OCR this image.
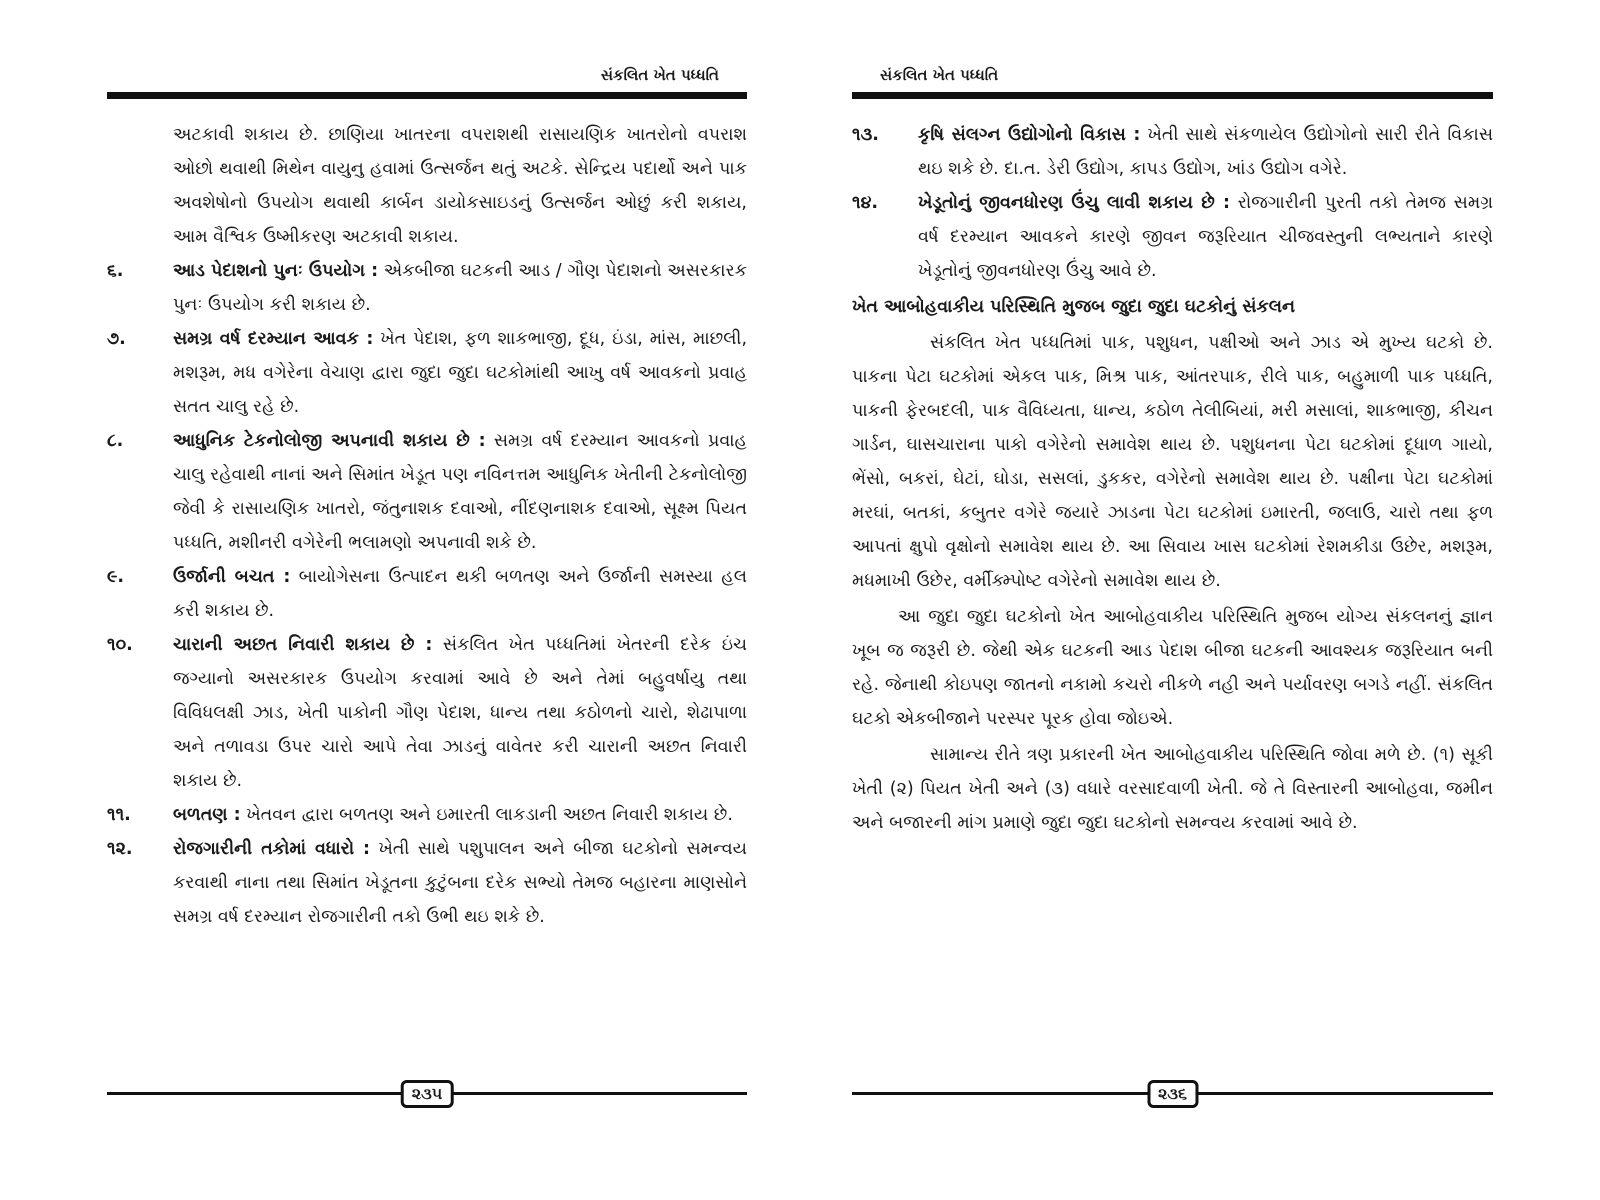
સંકલિત ખેત પધ્ધતિ
અટકાવી શકાય છે. છાણિયા ખાતરના વપરાશથી રાસાયણિક ખાતરોનો વપરાશ ઓછો થવાથી મિથેન વાયુનુ હવામાં ઉત્સર્જન થતું અટકે. સેન્દ્રિય પદાર્થો અને પાક અવશેષોનો ઉપયોગ થવાથી કાર્બન ડાયોકસાઇડનું ઉત્સર્જન ઓછું કરી શકાય, આમ વૈશ્વિક ઉષ્મીકરણ અટકાવી શકાય.
૬.	આડ પેદાશનો પુનઃ ઉપયોગ : એકબીજા ઘટકની આડ / ગૌણ પેદાશનો અસરકારક પુનઃ ઉપયોગ કરી શકાય છે.
૭.	સમગ્ર વર્ષ દરમ્યાન આવક : ખેત પેદાશ, ફળ શાકભાજી, દૂધ, ઇંડા, માંસ, માછલી, મશરૂમ, મધ વગેરેના વેચાણ દ્વારા જુદા જુદા ઘટકોમાંથી આખુ વર્ષ આવકનો પ્રવાહ સતત ચાલુ રહે છે.
૮.	આધુનિક ટેકનોલોજી અપનાવી શકાય છે : સમગ્ર વર્ષ દરમ્યાન આવકનો પ્રવાહ ચાલુ રહેવાથી નાનાં અને સિમાંત ખેડૂત પણ નવિનત્તમ આધુનિક ખેતીની ટેકનોલોજી જેવી કે રાસાયણિક ખાતરો, જંતુનાશક દવાઓ, નીંદણનાશક દવાઓ, સૂક્ષ્મ પિયત પધ્ધતિ, મશીનરી વગેરેની ભલામણો અપનાવી શકે છે.
૯.	ઉર્જાની બચત : બાયોગેસના ઉત્પાદન થકી બળતણ અને ઉર્જાની સમસ્યા હલ કરી શકાય છે.
૧૦.	ચારાની અછત નિવારી શકાય છે : સંકલિત ખેત પધ્ધતિમાં ખેતરની દરેક ઇંચ જગ્યાનો અસરકારક ઉપયોગ કરવામાં આવે છે અને તેમાં બહુવર્ષાયુ તથા વિવિધલક્ષી ઝાડ, ખેતી પાકોની ગૌણ પેદાશ, ધાન્ય તથા કઠોળનો ચારો, શેઢાપાળા અને તળાવડા ઉપર ચારો આપે તેવા ઝાડનું વાવેતર કરી ચારાની અછત નિવારી શકાય છે.
૧૧.	બળતણ : ખેતવન દ્વારા બળતણ અને ઇમારતી લાકડાની અછત નિવારી શકાય છે.
૧૨.	રોજગારીની તકોમાં વધારો : ખેતી સાથે પશુપાલન અને બીજા ઘટકોનો સમન્વય કરવાથી નાના તથા સિમાંત ખેડૂતના કુટુંબના દરેક સભ્યો તેમજ બહારના માણસોને સમગ્ર વર્ષ દરમ્યાન રોજગારીની તકો ઉભી થઇ શકે છે.
૨૩૫
સંકલિત ખેત પધ્ધતિ
૧૩.	કૃષિ સંલગ્ન ઉદ્યોગોનો વિકાસ : ખેતી સાથે સંકળાયેલ ઉદ્યોગોનો સારી રીતે વિકાસ થઇ શકે છે. દા.ત. ડેરી ઉદ્યોગ, કાપડ ઉદ્યોગ, ખાંડ ઉદ્યોગ વગેરે.
૧૪.	ખેડૂતોનું જીવનધોરણ ઉંચુ લાવી શકાય છે : રોજગારીની પુરતી તકો તેમજ સમગ્ર વર્ષ દરમ્યાન આવકને કારણે જીવન જરૂરિયાત ચીજવસ્તુની લભ્યતાને કારણે ખેડૂતોનું જીવનધોરણ ઉંચુ આવે છે.
ખેત આબોહવાકીય પરિસ્થિતિ મુજબ જુદા જુદા ઘટકોનું સંકલન

સંકલિત ખેત પધ્ધતિમાં પાક, પશુધન, પક્ષીઓ અને ઝાડ એ મુખ્ય ઘટકો છે. પાકના પેટા ઘટકોમાં એકલ પાક, મિશ્ર પાક, આંતરપાક, રીલે પાક, બહુમાળી પાક પધ્ધતિ, પાકની ફેરબદલી, પાક વૈવિધ્યતા, ધાન્ય, કઠોળ તેલીબિયાં, મરી મસાલાં, શાકભાજી, કીચન ગાર્ડન, ઘાસચારાના પાકો વગેરેનો સમાવેશ થાય છે. પશુધનના પેટા ઘટકોમાં દૂધાળ ગાયો, ભેંસો, બકરાં, ઘેટાં, ઘોડા, સસલાં, ડુકકર, વગેરેનો સમાવેશ થાય છે. પક્ષીના પેટા ઘટકોમાં મરઘાં, બતકાં, કબુતર વગેરે જયારે ઝાડના પેટા ઘટકોમાં ઇમારતી, જલાઉ, ચારો તથા ફળ આપતાં ક્ષુપો વૃક્ષોનો સમાવેશ થાય છે. આ સિવાય ખાસ ઘટકોમાં રેશમકીડા ઉછેર, મશરૂમ, મધમાખી ઉછેર, વર્મીક્મ્પોષ્ટ વગેરેનો સમાવેશ થાય છે.

આ જુદા જુદા ઘટકોનો ખેત આબોહવાકીય પરિસ્થિતિ મુજબ યોગ્ય સંકલનનું જ્ઞાન ખૂબ જ જરૂરી છે. જેથી એક ઘટકની આડ પેદાશ બીજા ઘટકની આવશ્યક જરૂરિયાત બની રહે. જેનાથી કોઇપણ જાતનો નકામો કચરો નીકળે નહી અને પર્યાવરણ બગડે નહીં. સંકલિત ઘટકો એકબીજાને પરસ્પર પૂરક હોવા જોઇએ.

સામાન્ય રીતે ત્રણ પ્રકારની ખેત આબોહવાકીય પરિસ્થિતિ જોવા મળે છે. (૧) સૂકી ખેતી (૨) પિયત ખેતી અને (૩) વધારે વરસાદવાળી ખેતી. જે તે વિસ્તારની આબોહવા, જમીન અને બજારની માંગ પ્રમાણે જુદા જુદા ઘટકોનો સમન્વય કરવામાં આવે છે.

૨૩૬
